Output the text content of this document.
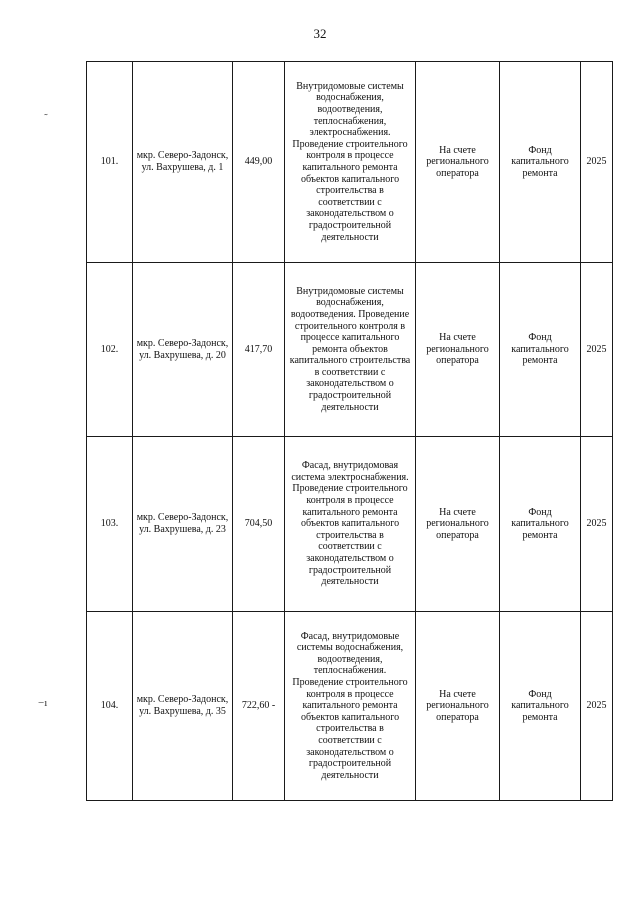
32
˜
−ı
101.	мкр. Северо-Задонск, ул. Вахрушева, д. 1	449,00	Внутридомовые системы водоснабжения, водоотведения, теплоснабжения, электроснабжения. Проведение строительного контроля в процессе капитального ремонта объектов капитального строительства в соответствии с законодательством о градостроительной деятельности	На счете регионального оператора	Фонд капитального ремонта	2025
102.	мкр. Северо-Задонск, ул. Вахрушева, д. 20	417,70	Внутридомовые системы водоснабжения, водоотведения. Проведение строительного контроля в процессе капитального ремонта объектов капитального строительства в соответствии с законодательством о градостроительной деятельности	На счете регионального оператора	Фонд капитального ремонта	2025
103.	мкр. Северо-Задонск, ул. Вахрушева, д. 23	704,50	Фасад, внутридомовая система электроснабжения. Проведение строительного контроля в процессе капитального ремонта объектов капитального строительства в соответствии с законодательством о градостроительной деятельности	На счете регионального оператора	Фонд капитального ремонта	2025
104.	мкр. Северо-Задонск, ул. Вахрушева, д. 35	722,60 -	Фасад, внутридомовые системы водоснабжения, водоотведения, теплоснабжения. Проведение строительного контроля в процессе капитального ремонта объектов капитального строительства в соответствии с законодательством о градостроительной деятельности	На счете регионального оператора	Фонд капитального ремонта	2025
